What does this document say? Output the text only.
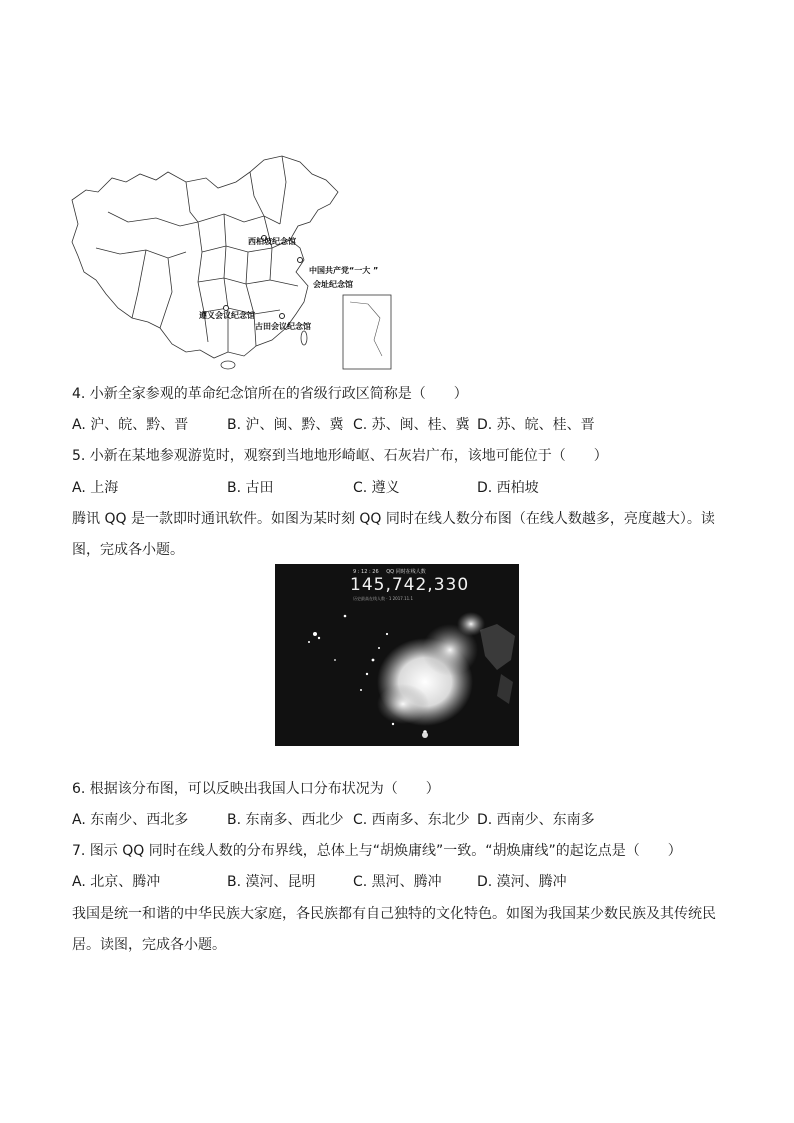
西柏坡纪念馆
中国共产党“一大 ”
会址纪念馆
遵义会议纪念馆
古田会议纪念馆
4. 小新全家参观的革命纪念馆所在的省级行政区简称是（　　）
A. 沪、皖、黔、晋	B. 沪、闽、黔、冀 C. 苏、闽、桂、冀 D. 苏、皖、桂、晋
5. 小新在某地参观游览时，观察到当地地形崎岖、石灰岩广布，该地可能位于（　　）
A. 上海	B. 古田	C. 遵义	D. 西柏坡
腾讯 QQ 是一款即时通讯软件。如图为某时刻 QQ 同时在线人数分布图（在线人数越多，亮度越大）。读
图，完成各小题。
9 : 12 : 26 QQ 同时在线人数
145,742,330
历史最高在线人数 · 1 2017.11.1
6. 根据该分布图，可以反映出我国人口分布状况为（　　）
A. 东南少、西北多	B. 东南多、西北少 C. 西南多、东北少 D. 西南少、东南多
7. 图示 QQ 同时在线人数的分布界线，总体上与“胡焕庸线”一致。“胡焕庸线”的起讫点是（　　）
A. 北京、腾冲	B. 漠河、昆明	C. 黑河、腾冲	D. 漠河、腾冲
我国是统一和谐的中华民族大家庭，各民族都有自己独特的文化特色。如图为我国某少数民族及其传统民
居。读图，完成各小题。
